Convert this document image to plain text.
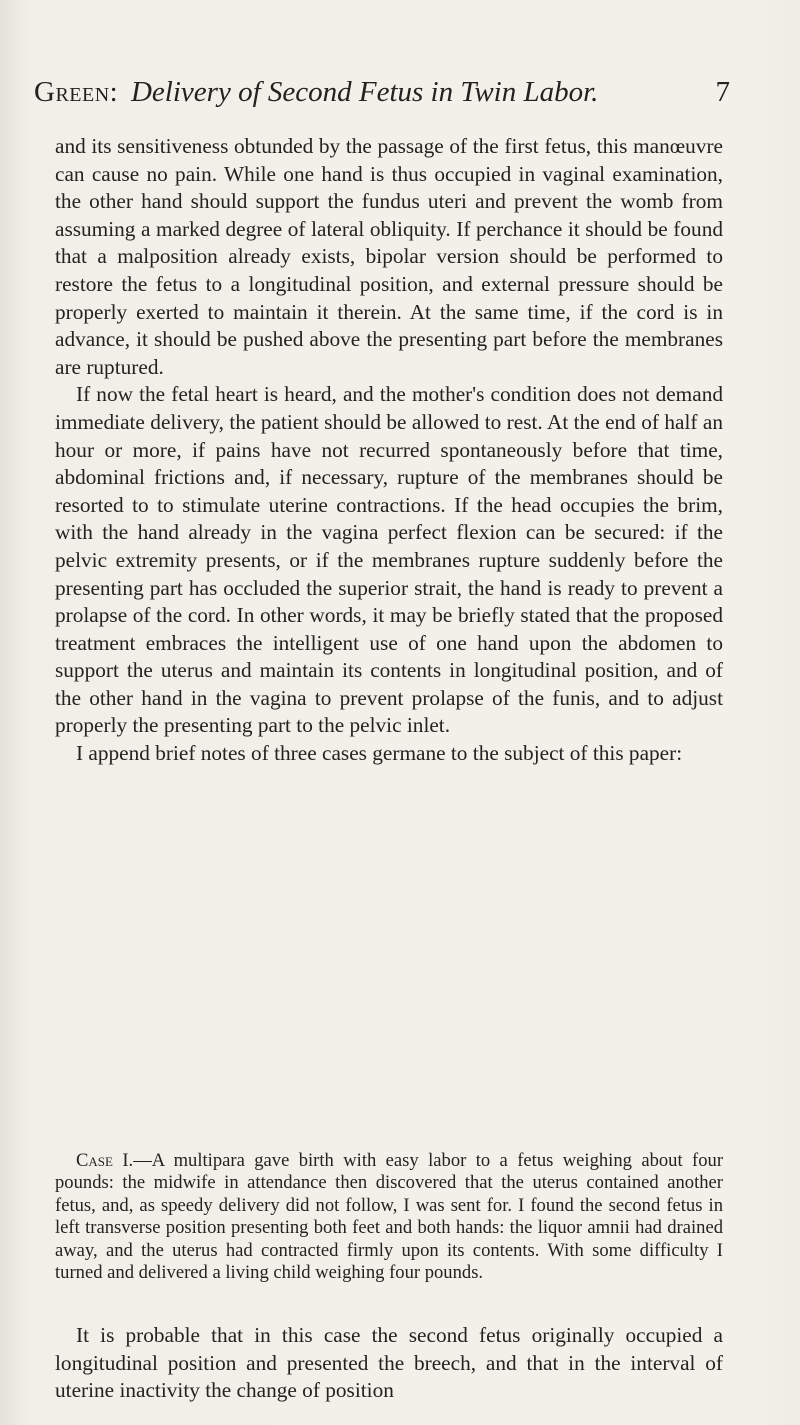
Green: Delivery of Second Fetus in Twin Labor.	7

and its sensitiveness obtunded by the passage of the first fetus, this manœuvre can cause no pain. While one hand is thus occupied in vaginal examination, the other hand should support the fundus uteri and prevent the womb from assuming a marked degree of lateral obliquity. If perchance it should be found that a malposition already exists, bipolar version should be performed to restore the fetus to a longitudinal position, and external pressure should be properly exerted to maintain it therein. At the same time, if the cord is in advance, it should be pushed above the presenting part before the membranes are ruptured.

If now the fetal heart is heard, and the mother's condition does not demand immediate delivery, the patient should be allowed to rest. At the end of half an hour or more, if pains have not recurred spontaneously before that time, abdominal frictions and, if necessary, rupture of the membranes should be resorted to to stimulate uterine contractions. If the head occupies the brim, with the hand already in the vagina perfect flexion can be secured: if the pelvic extremity presents, or if the membranes rupture suddenly before the presenting part has occluded the superior strait, the hand is ready to prevent a prolapse of the cord. In other words, it may be briefly stated that the proposed treatment embraces the intelligent use of one hand upon the abdomen to support the uterus and maintain its contents in longitudinal position, and of the other hand in the vagina to prevent prolapse of the funis, and to adjust properly the presenting part to the pelvic inlet.

I append brief notes of three cases germane to the subject of this paper:

Case I.—A multipara gave birth with easy labor to a fetus weighing about four pounds: the midwife in attendance then discovered that the uterus contained another fetus, and, as speedy delivery did not follow, I was sent for. I found the second fetus in left transverse position presenting both feet and both hands: the liquor amnii had drained away, and the uterus had contracted firmly upon its contents. With some difficulty I turned and delivered a living child weighing four pounds.

It is probable that in this case the second fetus originally occupied a longitudinal position and presented the breech, and that in the interval of uterine inactivity the change of position
